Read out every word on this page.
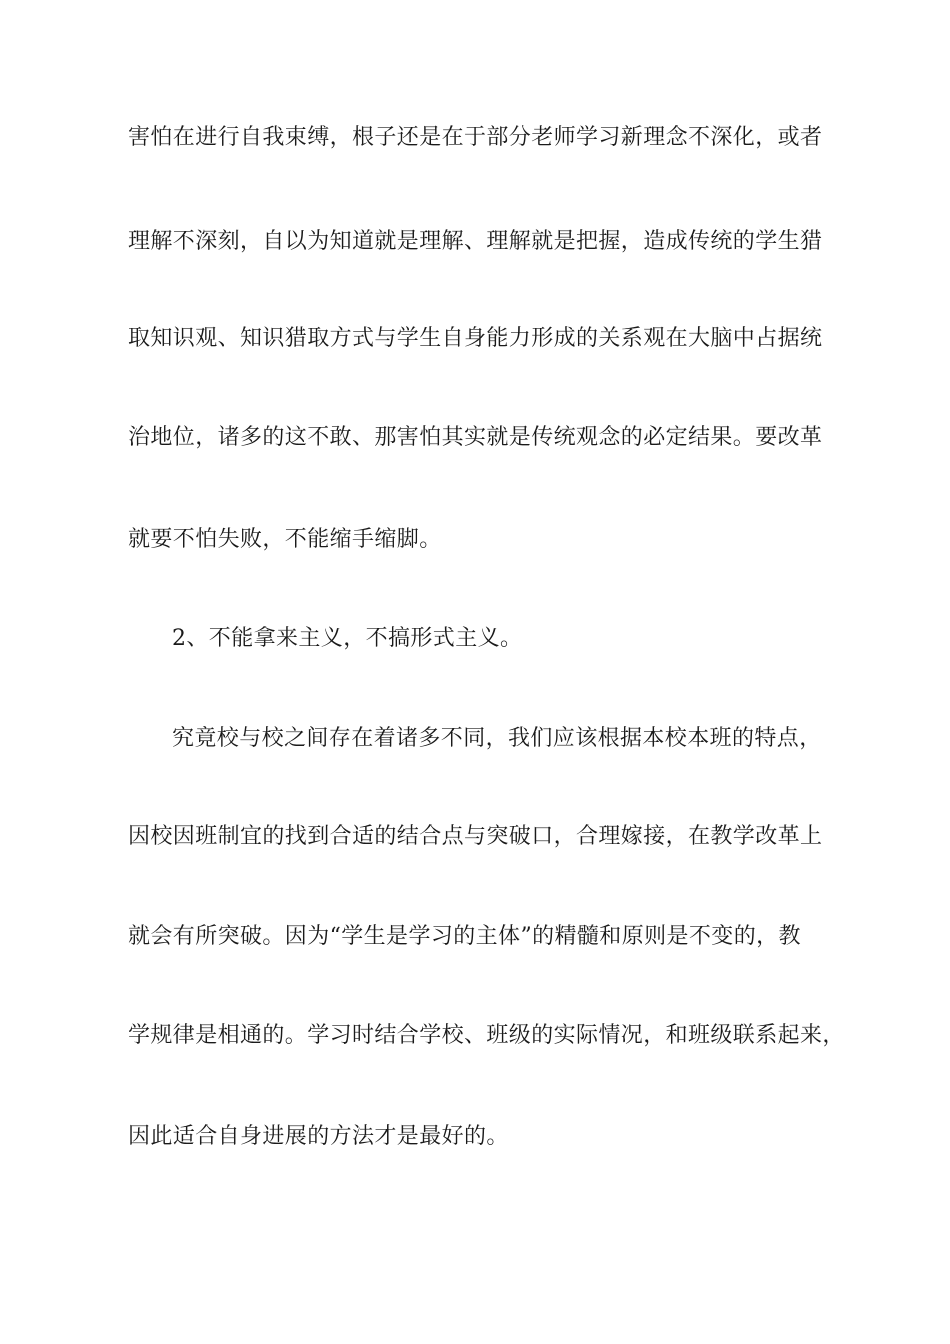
害怕在进行自我束缚，根子还是在于部分老师学习新理念不深化，或者
理解不深刻，自以为知道就是理解、理解就是把握，造成传统的学生猎
取知识观、知识猎取方式与学生自身能力形成的关系观在大脑中占据统
治地位，诸多的这不敢、那害怕其实就是传统观念的必定结果。要改革
就要不怕失败，不能缩手缩脚。
2、不能拿来主义，不搞形式主义。
究竟校与校之间存在着诸多不同，我们应该根据本校本班的特点，
因校因班制宜的找到合适的结合点与突破口，合理嫁接，在教学改革上
就会有所突破。因为“学生是学习的主体”的精髓和原则是不变的，教
学规律是相通的。学习时结合学校、班级的实际情况，和班级联系起来，
因此适合自身进展的方法才是最好的。
